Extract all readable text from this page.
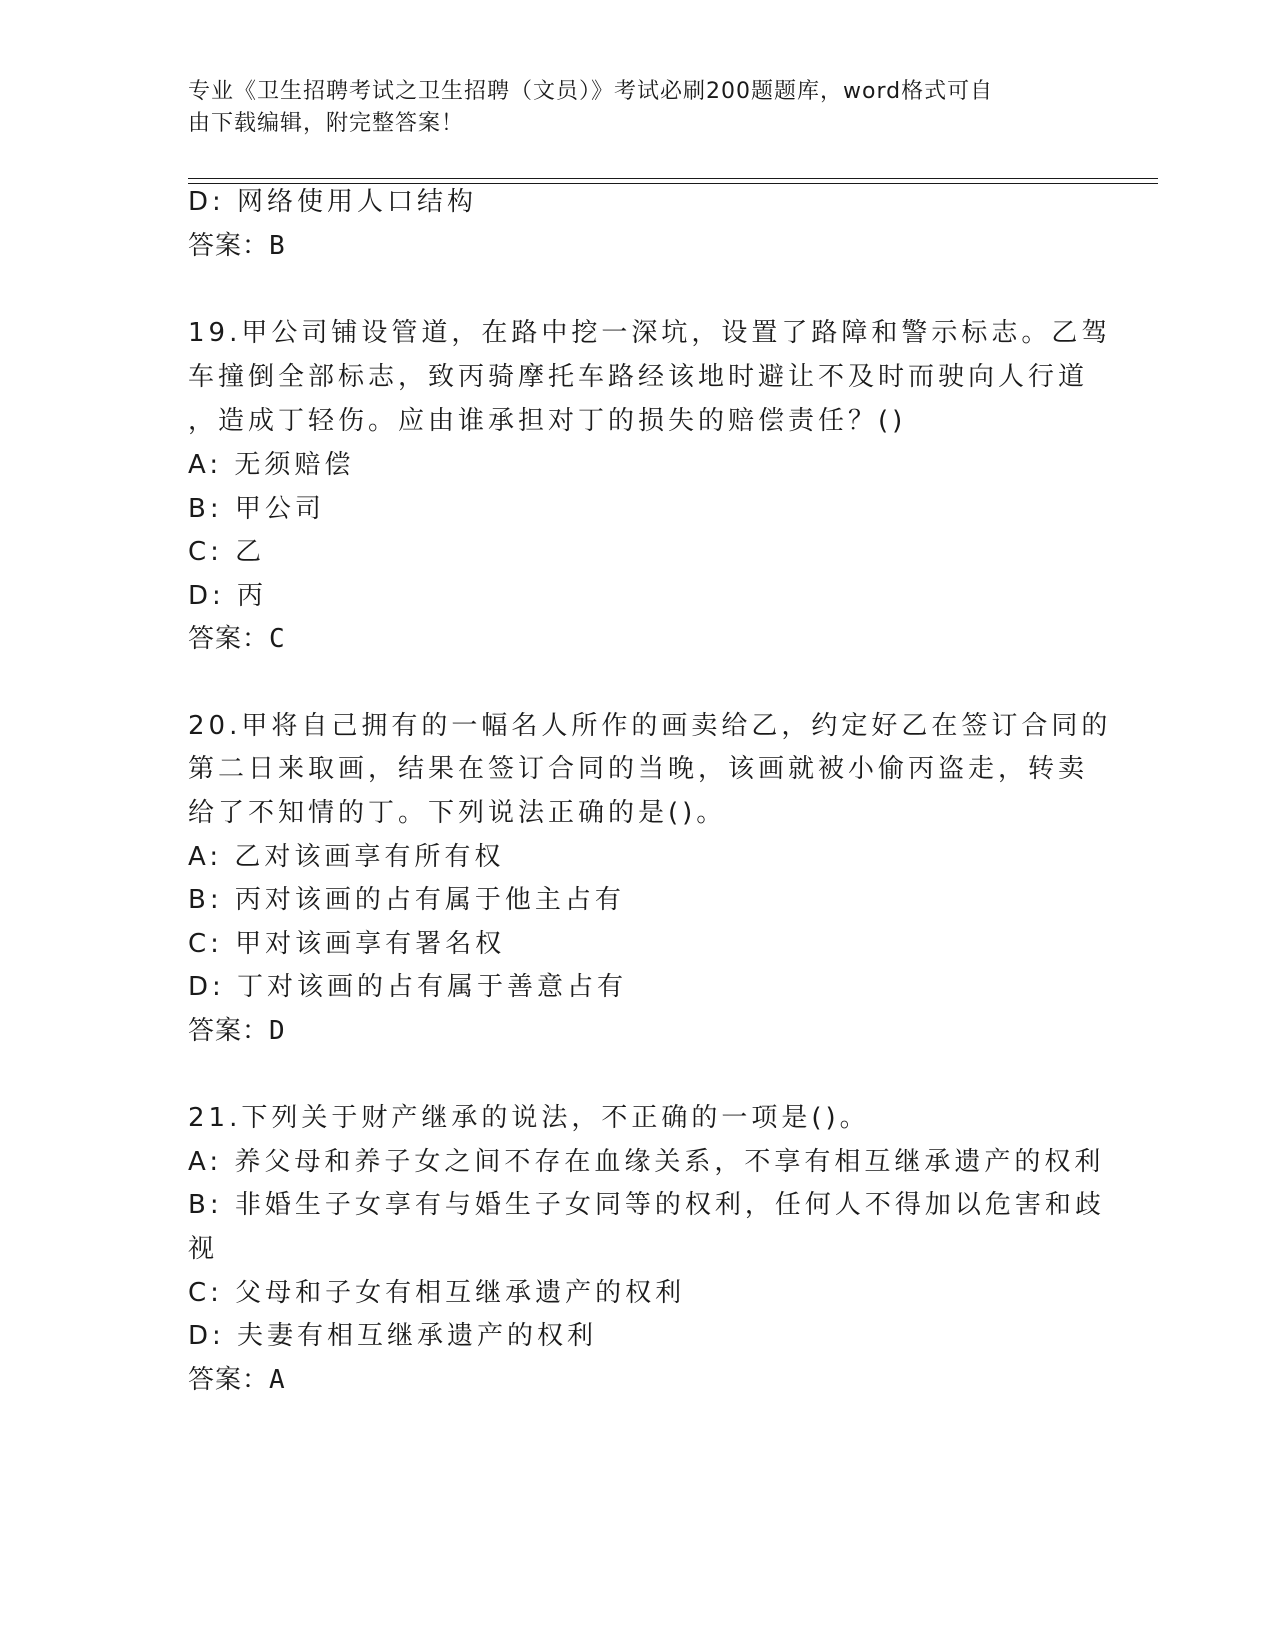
专业《卫生招聘考试之卫生招聘（文员）》考试必刷200题题库，word格式可自
由下载编辑，附完整答案！
D: 网络使用人口结构
答案：B
19.甲公司铺设管道，在路中挖一深坑，设置了路障和警示标志。乙驾
车撞倒全部标志，致丙骑摩托车路经该地时避让不及时而驶向人行道
，造成丁轻伤。应由谁承担对丁的损失的赔偿责任？()
A: 无须赔偿
B: 甲公司
C: 乙
D: 丙
答案：C
20.甲将自己拥有的一幅名人所作的画卖给乙，约定好乙在签订合同的
第二日来取画，结果在签订合同的当晚，该画就被小偷丙盗走，转卖
给了不知情的丁。下列说法正确的是()。
A: 乙对该画享有所有权
B: 丙对该画的占有属于他主占有
C: 甲对该画享有署名权
D: 丁对该画的占有属于善意占有
答案：D
21.下列关于财产继承的说法，不正确的一项是()。
A: 养父母和养子女之间不存在血缘关系，不享有相互继承遗产的权利
B: 非婚生子女享有与婚生子女同等的权利，任何人不得加以危害和歧
视
C: 父母和子女有相互继承遗产的权利
D: 夫妻有相互继承遗产的权利
答案：A
